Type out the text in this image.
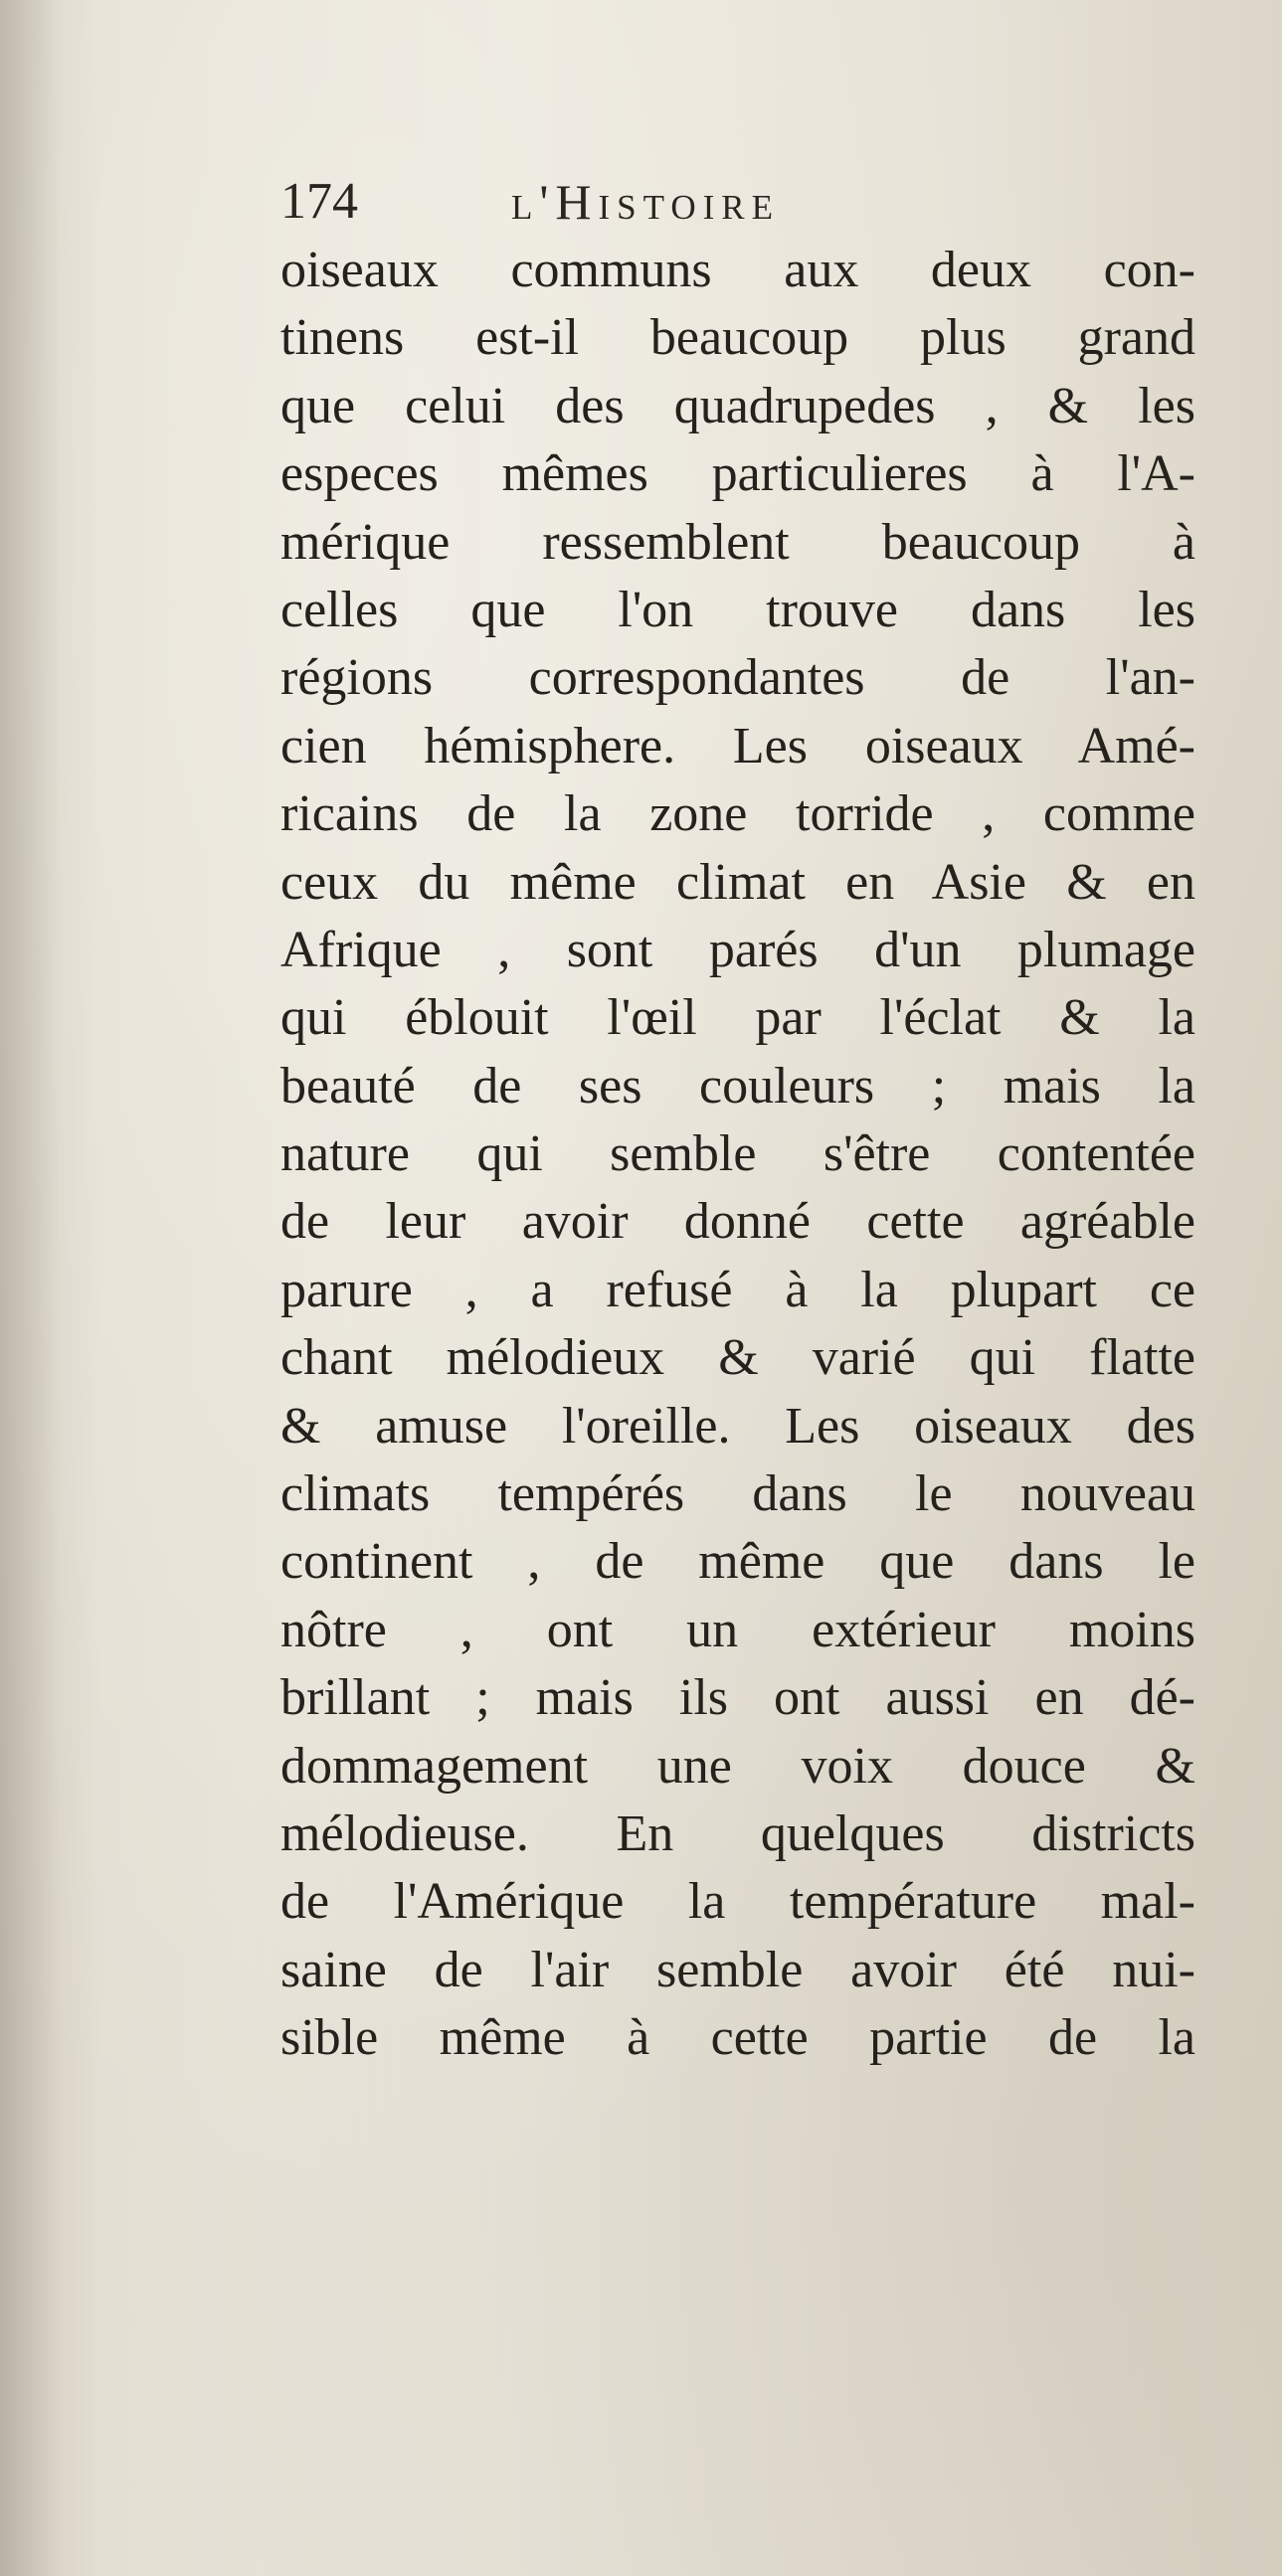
174	l'Histoire
oiseaux communs aux deux con-
tinens est-il beaucoup plus grand
que celui des quadrupedes , & les
especes mêmes particulieres à l'A-
mérique ressemblent beaucoup à
celles que l'on trouve dans les
régions correspondantes de l'an-
cien hémisphere. Les oiseaux Amé-
ricains de la zone torride , comme
ceux du même climat en Asie & en
Afrique , sont parés d'un plumage
qui éblouit l'œil par l'éclat & la
beauté de ses couleurs ; mais la
nature qui semble s'être contentée
de leur avoir donné cette agréable
parure , a refusé à la plupart ce
chant mélodieux & varié qui flatte
& amuse l'oreille. Les oiseaux des
climats tempérés dans le nouveau
continent , de même que dans le
nôtre , ont un extérieur moins
brillant ; mais ils ont aussi en dé-
dommagement une voix douce &
mélodieuse. En quelques districts
de l'Amérique la température mal-
saine de l'air semble avoir été nui-
sible même à cette partie de la
